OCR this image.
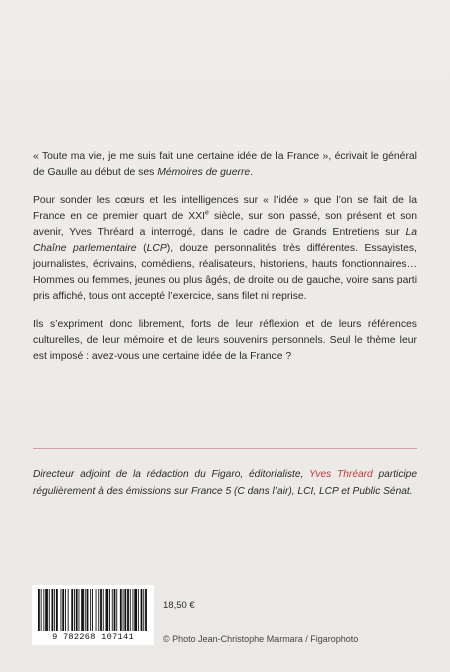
« Toute ma vie, je me suis fait une certaine idée de la France », écrivait le général de Gaulle au début de ses Mémoires de guerre.

Pour sonder les cœurs et les intelligences sur « l’idée » que l’on se fait de la France en ce premier quart de XXIe siècle, sur son passé, son présent et son avenir, Yves Thréard a interrogé, dans le cadre de Grands Entretiens sur La Chaîne parlementaire (LCP), douze personnalités très différentes. Essayistes, journalistes, écrivains, comédiens, réalisateurs, historiens, hauts fonctionnaires… Hommes ou femmes, jeunes ou plus âgés, de droite ou de gauche, voire sans parti pris affiché, tous ont accepté l’exercice, sans filet ni reprise.

Ils s’expriment donc librement, forts de leur réflexion et de leurs références culturelles, de leur mémoire et de leurs souvenirs personnels. Seul le thème leur est imposé : avez-vous une certaine idée de la France ?

Directeur adjoint de la rédaction du Figaro, éditorialiste, Yves Thréard participe régulièrement à des émissions sur France 5 (C dans l’air), LCI, LCP et Public Sénat.
9 782268 107141
18,50 €
© Photo Jean-Christophe Marmara / Figarophoto
